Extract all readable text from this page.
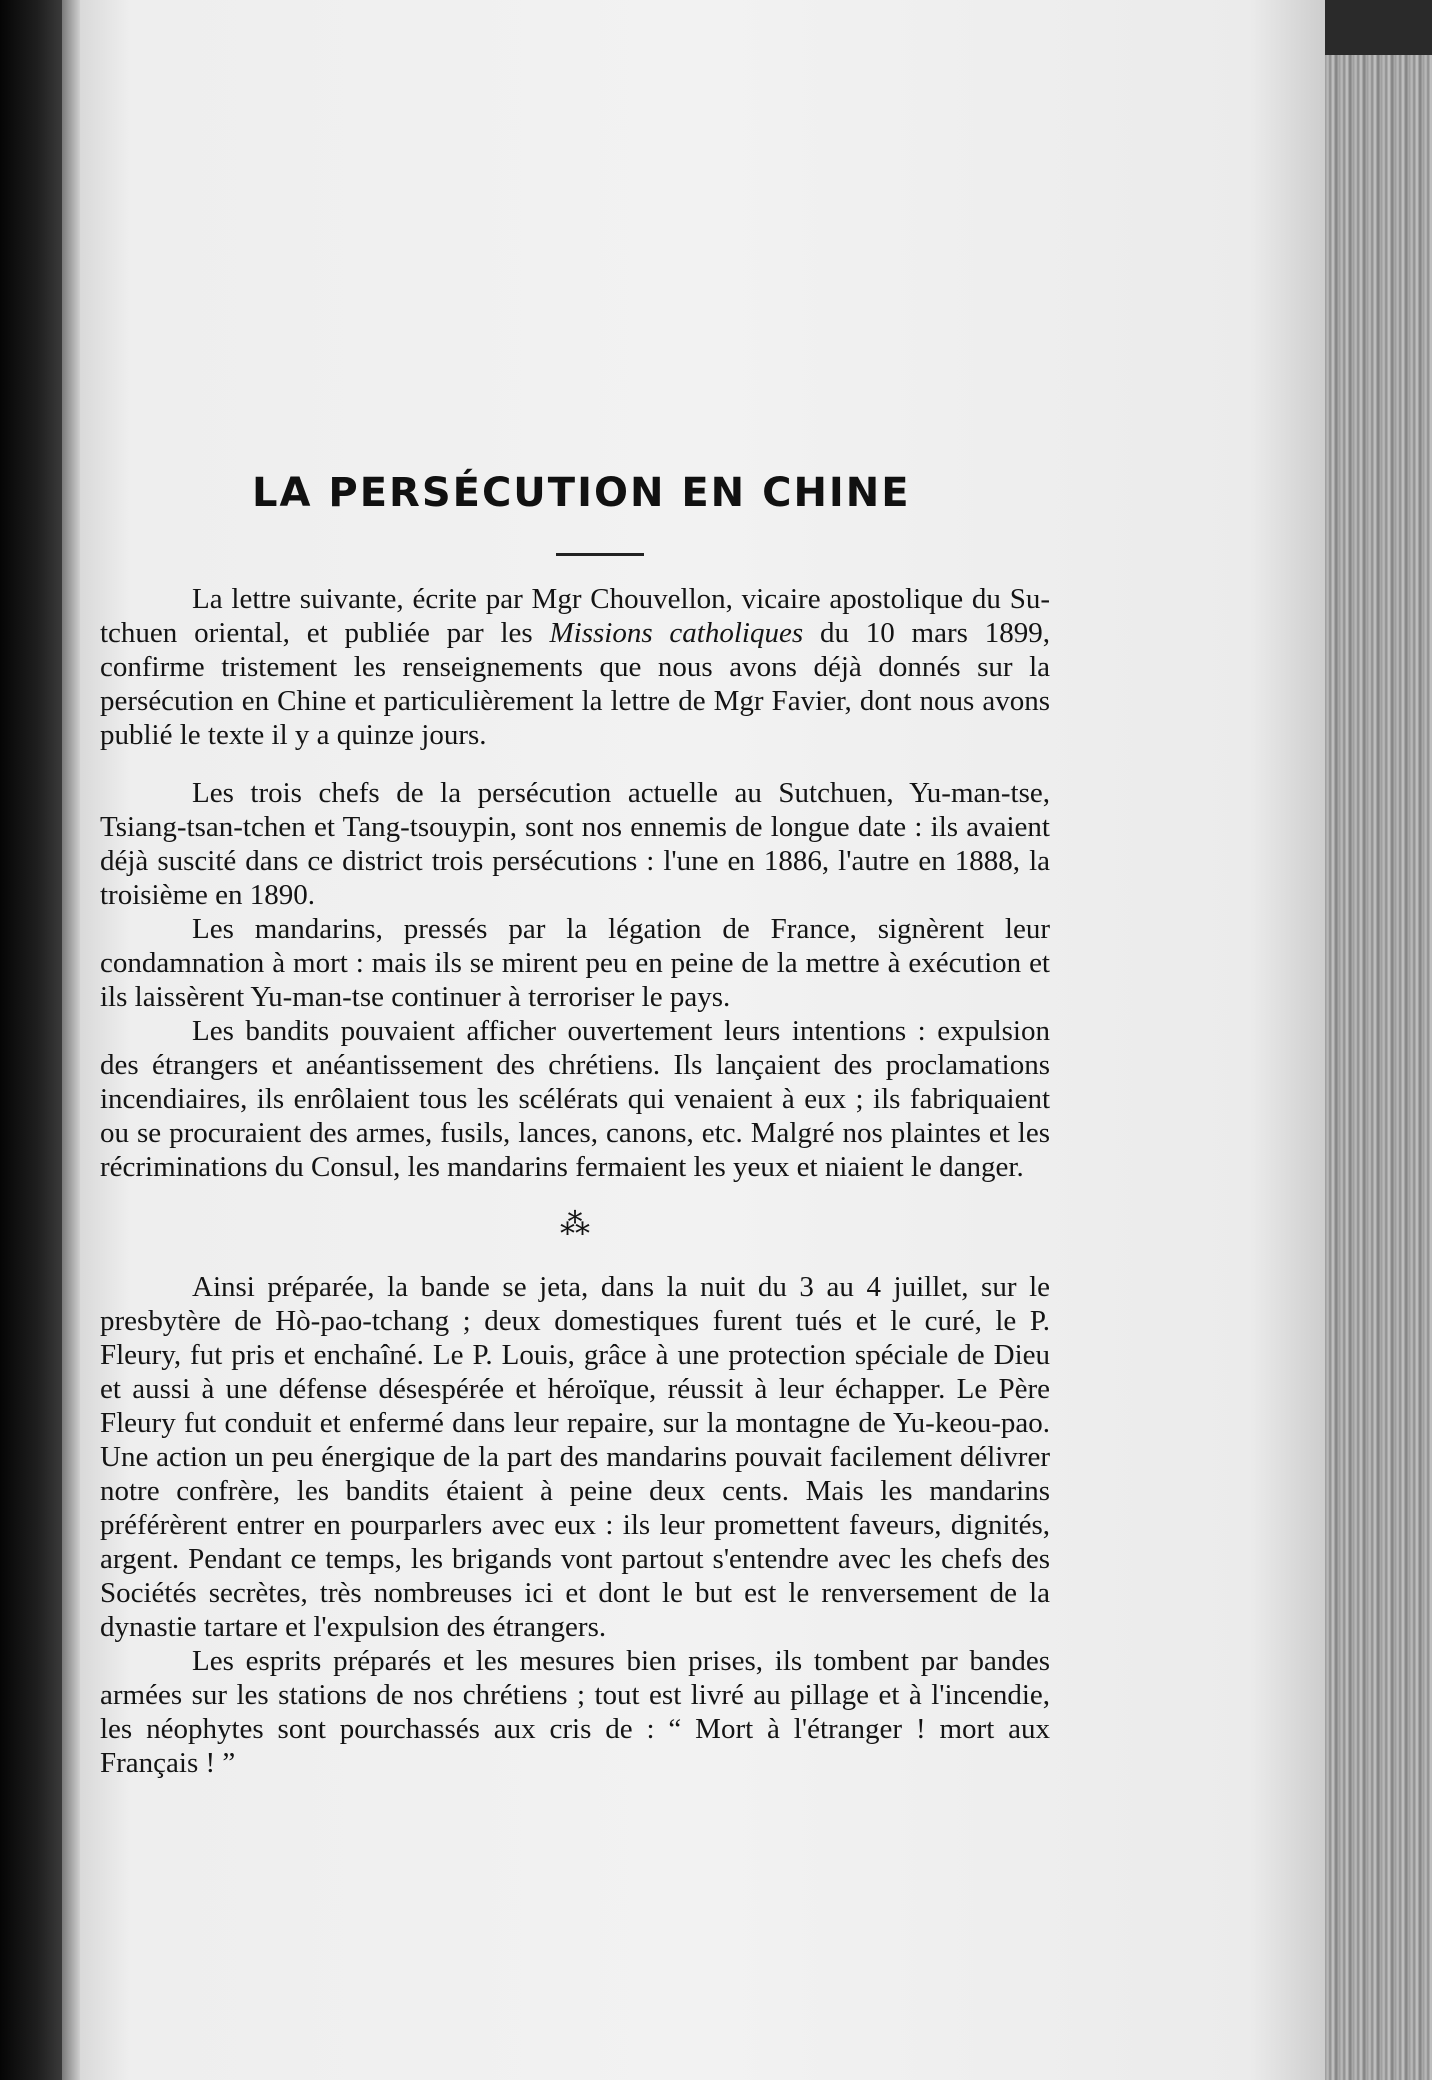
LA PERSÉCUTION EN CHINE

La lettre suivante, écrite par Mgr Chouvellon, vicaire apostolique du Su-tchuen oriental, et publiée par les Missions catholiques du 10 mars 1899, confirme tristement les renseignements que nous avons déjà donnés sur la persécution en Chine et particulièrement la lettre de Mgr Favier, dont nous avons publié le texte il y a quinze jours.

Les trois chefs de la persécution actuelle au Sutchuen, Yu-man-tse, Tsiang-tsan-tchen et Tang-tsouypin, sont nos ennemis de longue date : ils avaient déjà suscité dans ce district trois persécutions : l'une en 1886, l'autre en 1888, la troisième en 1890.

Les mandarins, pressés par la légation de France, signèrent leur condamnation à mort : mais ils se mirent peu en peine de la mettre à exécution et ils laissèrent Yu-man-tse continuer à terroriser le pays.

Les bandits pouvaient afficher ouvertement leurs intentions : expulsion des étrangers et anéantissement des chrétiens. Ils lançaient des proclamations incendiaires, ils enrôlaient tous les scélérats qui venaient à eux ; ils fabriquaient ou se procuraient des armes, fusils, lances, canons, etc. Malgré nos plaintes et les récriminations du Consul, les mandarins fermaient les yeux et niaient le danger.

⁂

Ainsi préparée, la bande se jeta, dans la nuit du 3 au 4 juillet, sur le presbytère de Hò-pao-tchang ; deux domestiques furent tués et le curé, le P. Fleury, fut pris et enchaîné. Le P. Louis, grâce à une protection spéciale de Dieu et aussi à une défense désespérée et héroïque, réussit à leur échapper. Le Père Fleury fut conduit et enfermé dans leur repaire, sur la montagne de Yu-keou-pao. Une action un peu énergique de la part des mandarins pouvait facilement délivrer notre confrère, les bandits étaient à peine deux cents. Mais les mandarins préférèrent entrer en pourparlers avec eux : ils leur promettent faveurs, dignités, argent. Pendant ce temps, les brigands vont partout s'entendre avec les chefs des Sociétés secrètes, très nombreuses ici et dont le but est le renversement de la dynastie tartare et l'expulsion des étrangers.

Les esprits préparés et les mesures bien prises, ils tombent par bandes armées sur les stations de nos chrétiens ; tout est livré au pillage et à l'incendie, les néophytes sont pourchassés aux cris de : “ Mort à l'étranger ! mort aux Français ! ”
